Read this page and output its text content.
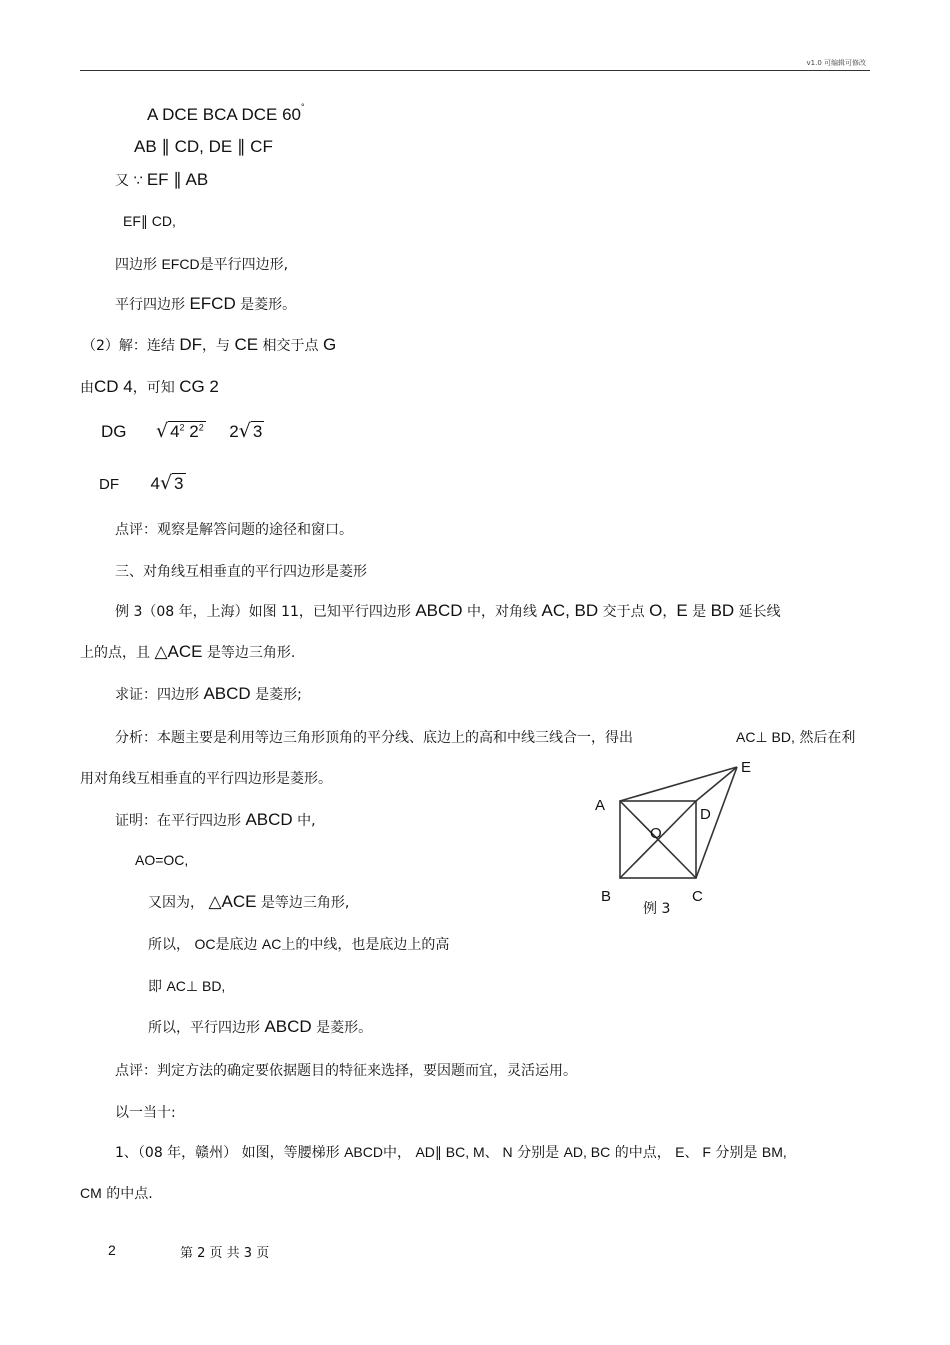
v1.0 可编辑可修改
A DCE BCA DCE 60°
AB ∥ CD, DE ∥ CF
又 ∵ EF ∥ AB
EF∥ CD,
四边形 EFCD是平行四边形,
平行四边形 EFCD 是菱形。
（2）解：连结 DF，与 CE 相交于点 G
由CD 4，可知 CG 2
DG √ $4^2$ $2^2$ 2√ 3
DF 4√ 3
点评：观察是解答问题的途径和窗口。
三、对角线互相垂直的平行四边形是菱形
例 3（08 年，上海）如图 11，已知平行四边形 ABCD 中，对角线 AC, BD 交于点 O，E 是 BD 延长线
上的点，且 △ACE 是等边三角形.
求证：四边形 ABCD 是菱形;
分析：本题主要是利用等边三角形顶角的平分线、底边上的高和中线三线合一，得出	AC⊥ BD, 然后在利
用对角线互相垂直的平行四边形是菱形。
证明：在平行四边形 ABCD 中,
AO=OC,
又因为， △ACE 是等边三角形,
所以， OC是底边 AC上的中线，也是底边上的高
即 AC⊥ BD,
所以，平行四边形 ABCD 是菱形。
点评：判定方法的确定要依据题目的特征来选择，要因题而宜，灵活运用。
以一当十:
1、（08 年，赣州） 如图，等腰梯形 ABCD中， AD∥ BC, M、 N 分别是 AD, BC 的中点， E、 F 分别是 BM,
CM 的中点.
A
D
E
O
B	C
例 3
2	第 2 页 共 3 页
